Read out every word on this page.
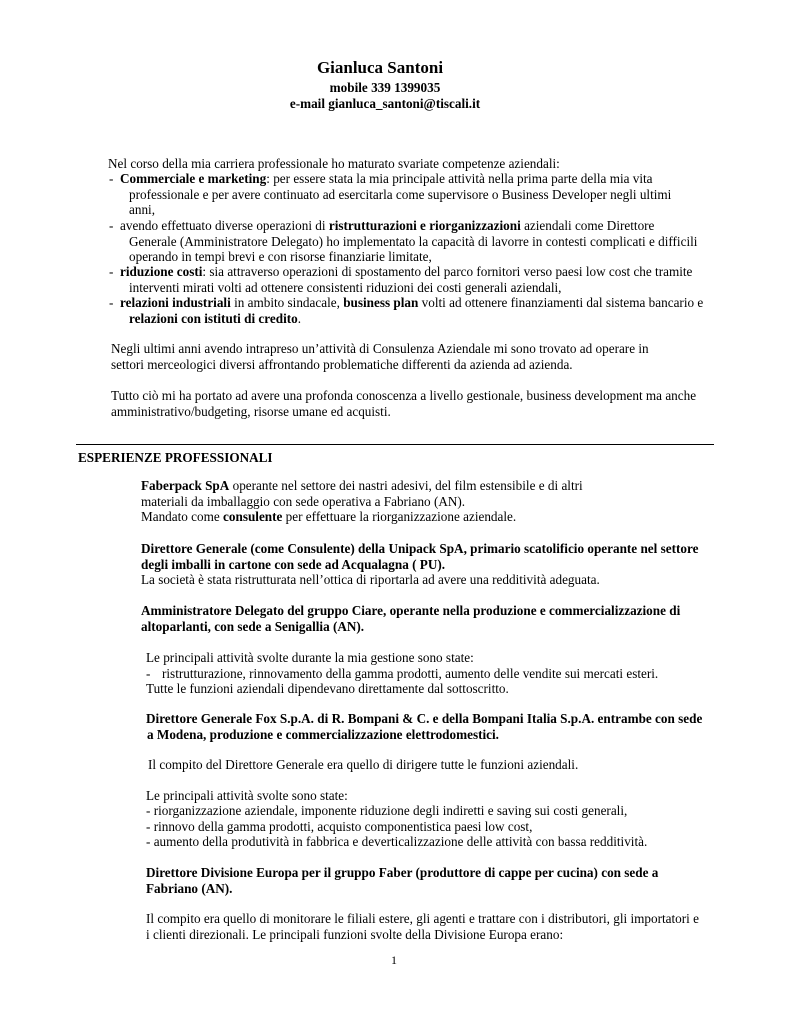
Gianluca Santoni
mobile 339 1399035
e-mail gianluca_santoni@tiscali.it
Nel corso della mia carriera professionale ho maturato svariate competenze aziendali:
- Commerciale e marketing: per essere stata la mia principale attività nella prima parte della mia vita
professionale e per avere continuato ad esercitarla come supervisore o Business Developer negli ultimi
anni,
- avendo effettuato diverse operazioni di ristrutturazioni e riorganizzazioni aziendali come Direttore
Generale (Amministratore Delegato) ho implementato la capacità di lavorre in contesti complicati e difficili
operando in tempi brevi e con risorse finanziarie limitate,
- riduzione costi: sia attraverso operazioni di spostamento del parco fornitori verso paesi low cost che tramite
interventi mirati volti ad ottenere consistenti riduzioni dei costi generali aziendali,
- relazioni industriali in ambito sindacale, business plan volti ad ottenere finanziamenti dal sistema bancario e
relazioni con istituti di credito.
Negli ultimi anni avendo intrapreso un’attività di Consulenza Aziendale mi sono trovato ad operare in
settori merceologici diversi affrontando problematiche differenti da azienda ad azienda.
Tutto ciò mi ha portato ad avere una profonda conoscenza a livello gestionale, business development ma anche
amministrativo/budgeting, risorse umane ed acquisti.
ESPERIENZE PROFESSIONALI
Faberpack SpA operante nel settore dei nastri adesivi, del film estensibile e di altri
materiali da imballaggio con sede operativa a Fabriano (AN).
Mandato come consulente per effettuare la riorganizzazione aziendale.
Direttore Generale (come Consulente) della Unipack SpA, primario scatolificio operante nel settore
degli imballi in cartone con sede ad Acqualagna ( PU).
La società è stata ristrutturata nell’ottica di riportarla ad avere una redditività adeguata.
Amministratore Delegato del gruppo Ciare, operante nella produzione e commercializzazione di
altoparlanti, con sede a Senigallia (AN).
Le principali attività svolte durante la mia gestione sono state:
- ristrutturazione, rinnovamento della gamma prodotti, aumento delle vendite sui mercati esteri.
Tutte le funzioni aziendali dipendevano direttamente dal sottoscritto.
Direttore Generale Fox S.p.A. di R. Bompani & C. e della Bompani Italia S.p.A. entrambe con sede
a Modena, produzione e commercializzazione elettrodomestici.
Il compito del Direttore Generale era quello di dirigere tutte le funzioni aziendali.
Le principali attività svolte sono state:
- riorganizzazione aziendale, imponente riduzione degli indiretti e saving sui costi generali,
- rinnovo della gamma prodotti, acquisto componentistica paesi low cost,
- aumento della produtività in fabbrica e deverticalizzazione delle attività con bassa redditività.
Direttore Divisione Europa per il gruppo Faber (produttore di cappe per cucina) con sede a
Fabriano (AN).
Il compito era quello di monitorare le filiali estere, gli agenti e trattare con i distributori, gli importatori e
i clienti direzionali. Le principali funzioni svolte della Divisione Europa erano:
1
